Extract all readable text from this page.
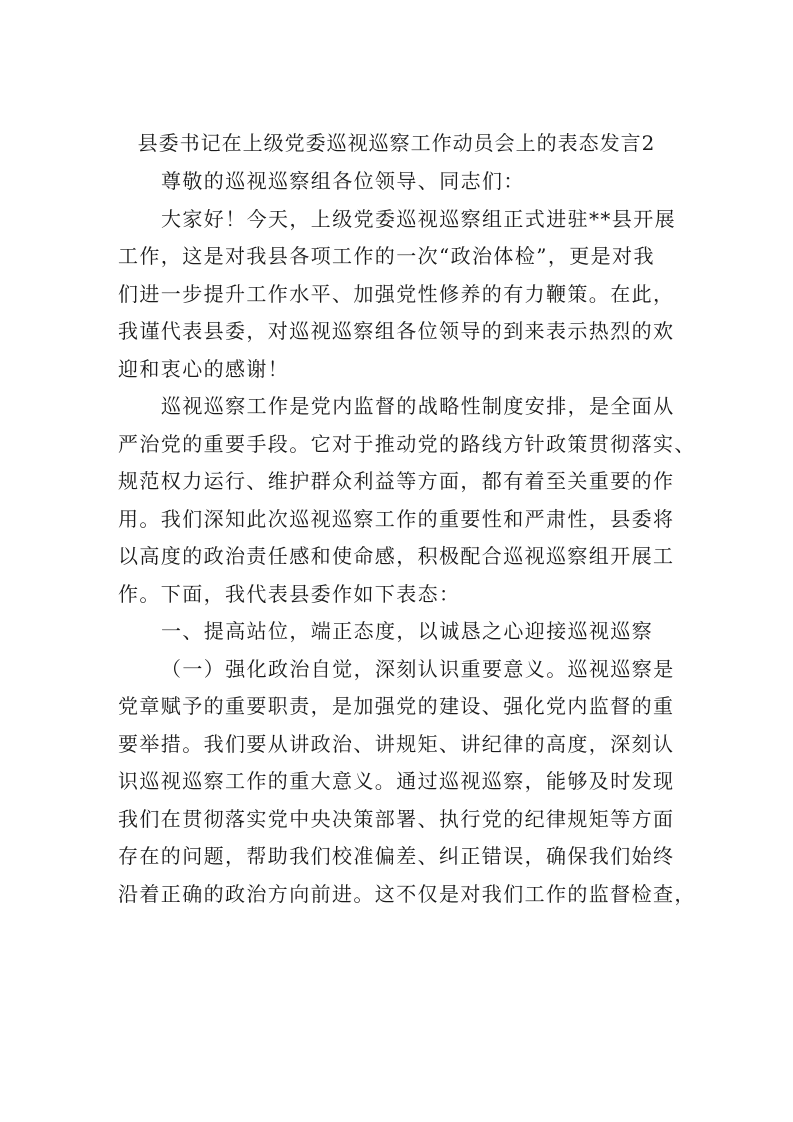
县委书记在上级党委巡视巡察工作动员会上的表态发言2
尊敬的巡视巡察组各位领导、同志们：
大家好！今天，上级党委巡视巡察组正式进驻**县开展
工作，这是对我县各项工作的一次“政治体检”，更是对我
们进一步提升工作水平、加强党性修养的有力鞭策。在此，
我谨代表县委，对巡视巡察组各位领导的到来表示热烈的欢
迎和衷心的感谢！
巡视巡察工作是党内监督的战略性制度安排，是全面从
严治党的重要手段。它对于推动党的路线方针政策贯彻落实、
规范权力运行、维护群众利益等方面，都有着至关重要的作
用。我们深知此次巡视巡察工作的重要性和严肃性，县委将
以高度的政治责任感和使命感，积极配合巡视巡察组开展工
作。下面，我代表县委作如下表态：
一、提高站位，端正态度，以诚恳之心迎接巡视巡察
（一）强化政治自觉，深刻认识重要意义。巡视巡察是
党章赋予的重要职责，是加强党的建设、强化党内监督的重
要举措。我们要从讲政治、讲规矩、讲纪律的高度，深刻认
识巡视巡察工作的重大意义。通过巡视巡察，能够及时发现
我们在贯彻落实党中央决策部署、执行党的纪律规矩等方面
存在的问题，帮助我们校准偏差、纠正错误，确保我们始终
沿着正确的政治方向前进。这不仅是对我们工作的监督检查，
